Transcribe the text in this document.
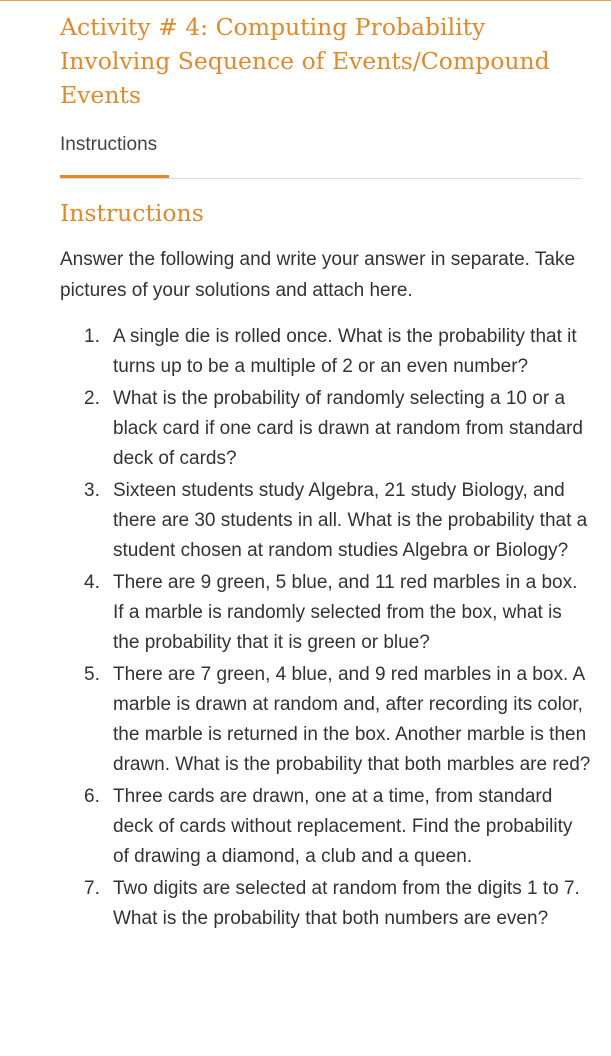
Activity # 4: Computing Probability Involving Sequence of Events/Compound Events
Instructions
Instructions

Answer the following and write your answer in separate. Take pictures of your solutions and attach here.

1. A single die is rolled once. What is the probability that it turns up to be a multiple of 2 or an even number?
2. What is the probability of randomly selecting a 10 or a black card if one card is drawn at random from standard deck of cards?
3. Sixteen students study Algebra, 21 study Biology, and there are 30 students in all. What is the probability that a student chosen at random studies Algebra or Biology?
4. There are 9 green, 5 blue, and 11 red marbles in a box. If a marble is randomly selected from the box, what is the probability that it is green or blue?
5. There are 7 green, 4 blue, and 9 red marbles in a box. A marble is drawn at random and, after recording its color, the marble is returned in the box. Another marble is then drawn. What is the probability that both marbles are red?
6. Three cards are drawn, one at a time, from standard deck of cards without replacement. Find the probability of drawing a diamond, a club and a queen.
7. Two digits are selected at random from the digits 1 to 7. What is the probability that both numbers are even?
